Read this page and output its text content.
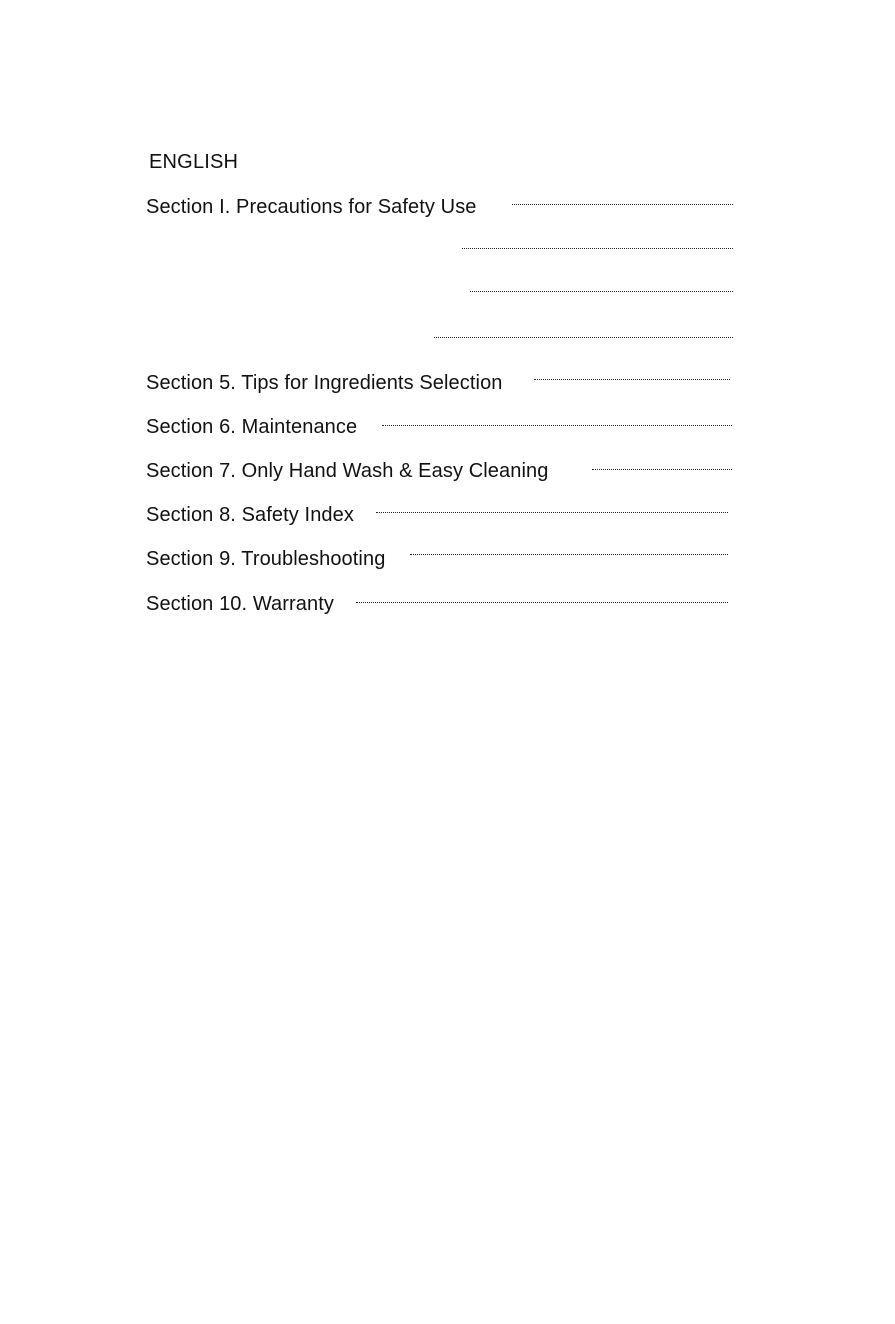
ENGLISH
Section I. Precautions for Safety Use
Section 5. Tips for Ingredients Selection
Section 6. Maintenance
Section 7. Only Hand Wash & Easy Cleaning
Section 8. Safety Index
Section 9. Troubleshooting
Section 10. Warranty
